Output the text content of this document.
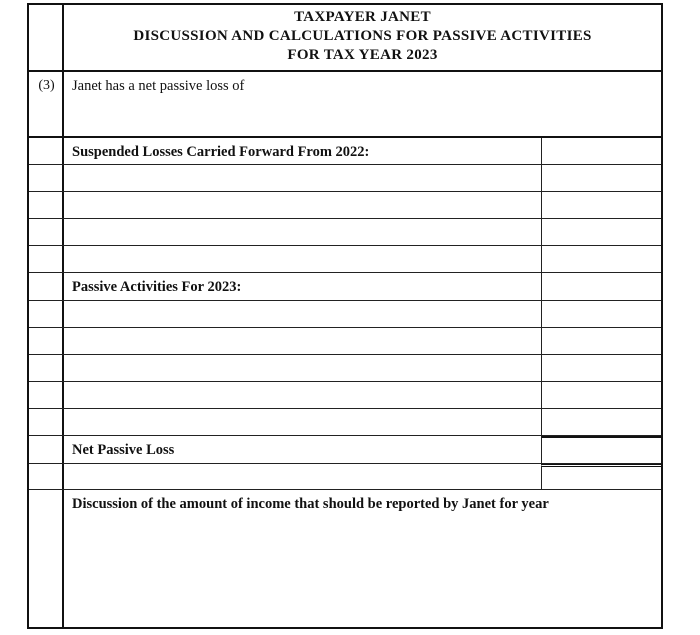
TAXPAYER JANET
DISCUSSION AND CALCULATIONS FOR PASSIVE ACTIVITIES
FOR TAX YEAR 2023
(3)	Janet has a net passive loss of
Suspended Losses Carried Forward From 2022:
Passive Activities For 2023:
Net Passive Loss
Discussion of the amount of income that should be reported by Janet for year
